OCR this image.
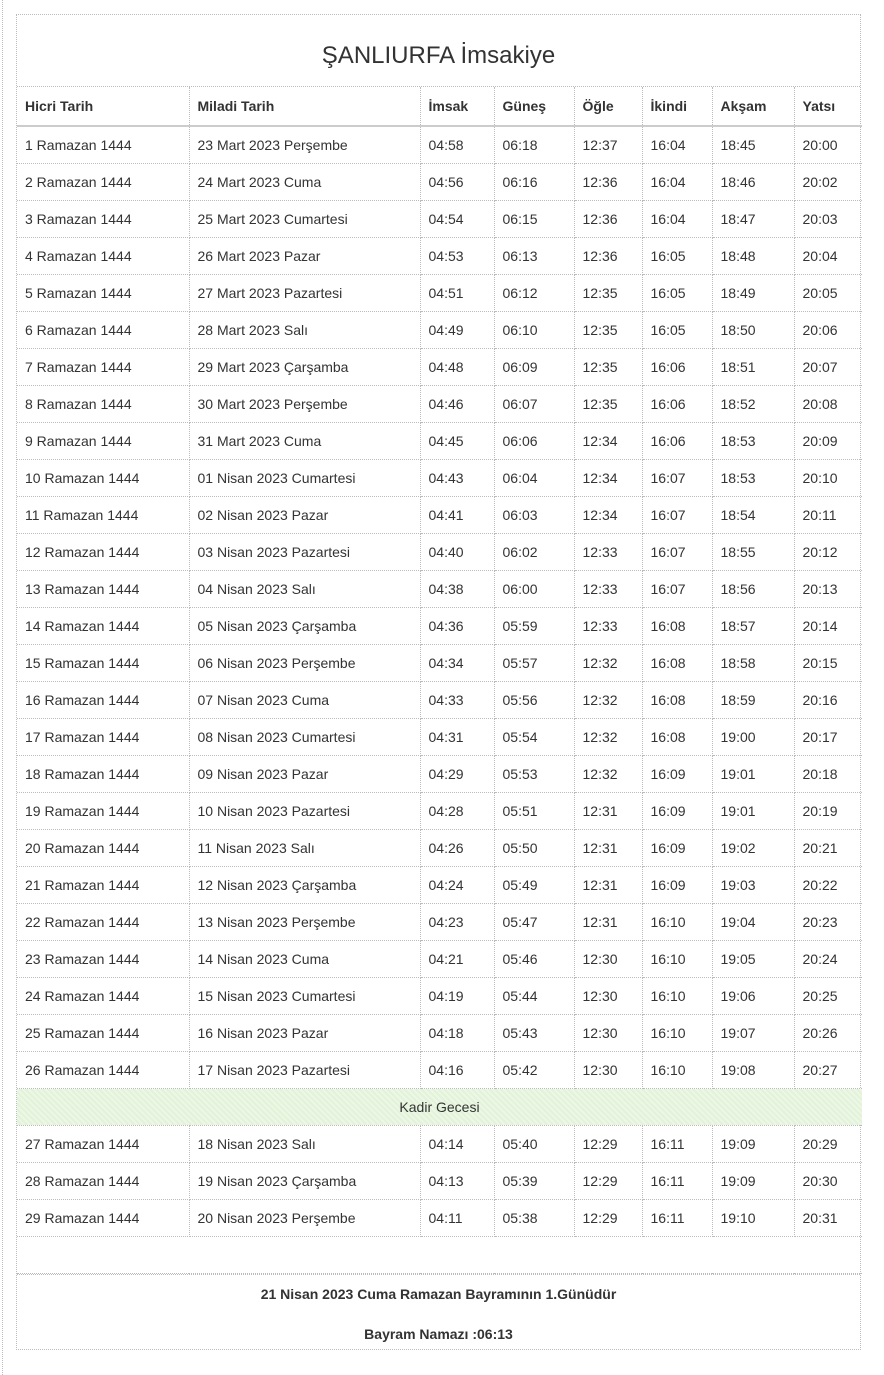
ŞANLIURFA İmsakiye
Hicri Tarih	Miladi Tarih	İmsak	Güneş	Öğle	İkindi	Akşam	Yatsı
1 Ramazan 1444	23 Mart 2023 Perşembe	04:58	06:18	12:37	16:04	18:45	20:00
2 Ramazan 1444	24 Mart 2023 Cuma	04:56	06:16	12:36	16:04	18:46	20:02
3 Ramazan 1444	25 Mart 2023 Cumartesi	04:54	06:15	12:36	16:04	18:47	20:03
4 Ramazan 1444	26 Mart 2023 Pazar	04:53	06:13	12:36	16:05	18:48	20:04
5 Ramazan 1444	27 Mart 2023 Pazartesi	04:51	06:12	12:35	16:05	18:49	20:05
6 Ramazan 1444	28 Mart 2023 Salı	04:49	06:10	12:35	16:05	18:50	20:06
7 Ramazan 1444	29 Mart 2023 Çarşamba	04:48	06:09	12:35	16:06	18:51	20:07
8 Ramazan 1444	30 Mart 2023 Perşembe	04:46	06:07	12:35	16:06	18:52	20:08
9 Ramazan 1444	31 Mart 2023 Cuma	04:45	06:06	12:34	16:06	18:53	20:09
10 Ramazan 1444	01 Nisan 2023 Cumartesi	04:43	06:04	12:34	16:07	18:53	20:10
11 Ramazan 1444	02 Nisan 2023 Pazar	04:41	06:03	12:34	16:07	18:54	20:11
12 Ramazan 1444	03 Nisan 2023 Pazartesi	04:40	06:02	12:33	16:07	18:55	20:12
13 Ramazan 1444	04 Nisan 2023 Salı	04:38	06:00	12:33	16:07	18:56	20:13
14 Ramazan 1444	05 Nisan 2023 Çarşamba	04:36	05:59	12:33	16:08	18:57	20:14
15 Ramazan 1444	06 Nisan 2023 Perşembe	04:34	05:57	12:32	16:08	18:58	20:15
16 Ramazan 1444	07 Nisan 2023 Cuma	04:33	05:56	12:32	16:08	18:59	20:16
17 Ramazan 1444	08 Nisan 2023 Cumartesi	04:31	05:54	12:32	16:08	19:00	20:17
18 Ramazan 1444	09 Nisan 2023 Pazar	04:29	05:53	12:32	16:09	19:01	20:18
19 Ramazan 1444	10 Nisan 2023 Pazartesi	04:28	05:51	12:31	16:09	19:01	20:19
20 Ramazan 1444	11 Nisan 2023 Salı	04:26	05:50	12:31	16:09	19:02	20:21
21 Ramazan 1444	12 Nisan 2023 Çarşamba	04:24	05:49	12:31	16:09	19:03	20:22
22 Ramazan 1444	13 Nisan 2023 Perşembe	04:23	05:47	12:31	16:10	19:04	20:23
23 Ramazan 1444	14 Nisan 2023 Cuma	04:21	05:46	12:30	16:10	19:05	20:24
24 Ramazan 1444	15 Nisan 2023 Cumartesi	04:19	05:44	12:30	16:10	19:06	20:25
25 Ramazan 1444	16 Nisan 2023 Pazar	04:18	05:43	12:30	16:10	19:07	20:26
26 Ramazan 1444	17 Nisan 2023 Pazartesi	04:16	05:42	12:30	16:10	19:08	20:27
Kadir Gecesi							
27 Ramazan 1444	18 Nisan 2023 Salı	04:14	05:40	12:29	16:11	19:09	20:29
28 Ramazan 1444	19 Nisan 2023 Çarşamba	04:13	05:39	12:29	16:11	19:09	20:30
29 Ramazan 1444	20 Nisan 2023 Perşembe	04:11	05:38	12:29	16:11	19:10	20:31

21 Nisan 2023 Cuma Ramazan Bayramının 1.Günüdür
Bayram Namazı :06:13
